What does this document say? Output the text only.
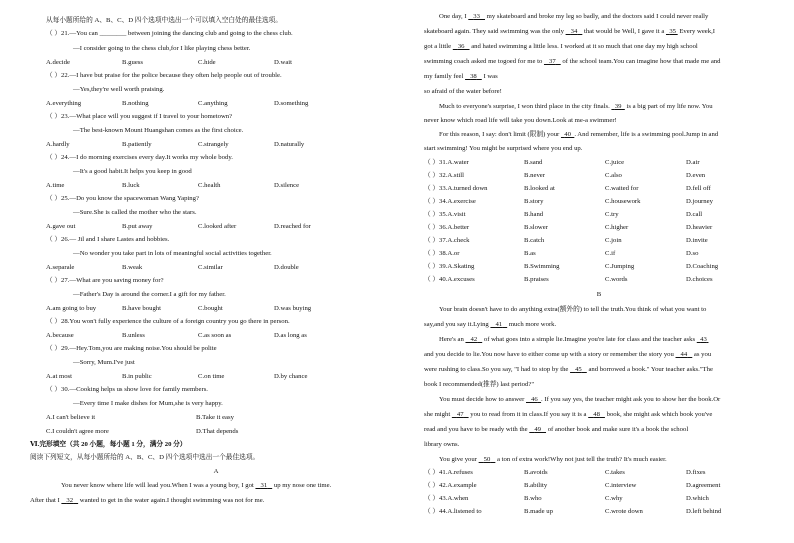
从每小题所给的 A、B、C、D 四个选项中选出一个可以填入空白处的最佳选项。
（ ）21.—You can ________ between joining the dancing club and going to the chess club.
—I consider going to the chess club,for I like playing chess better.
A.decide	B.guess	C.hide	D.wait
（ ）22.—I have but praise for the police because they often help people out of trouble.
—Yes,they're well worth praising.
A.everything	B.nothing	C.anything	D.something
（ ）23.—What place will you suggest if I travel to your hometown?
—The best-known Mount Huangshan comes as the first choice.
A.hardly	B.patiently	C.strangely	D.naturally
（ ）24.—I do morning exercises every day.It works my whole body.
—It's a good habit.It helps you keep in good
A.time	B.luck	C.health	D.silence
（ ）25.—Do you know the spacewoman Wang Yaping?
—Sure.She is called the mother who the stars.
A.gave out	B.put away	C.looked after	D.reached for
（ ）26.— Jil and I share Lastes and hobbies.
—No wonder you take part in lots of meaningful social activities together.
A.separale	B.weak	C.similar	D.double
（ ）27.—What are you saving money for?
—Father's Day is around the corner.I a gift for my father.
A.am going to buy	B.have bought	C.bought	D.was buying
（ ）28.You won't fully experience the culture of a foreign country you go there in person.
A.because	B.unless	C.as soon as	D.as long as
（ ）29.—Hey.Tom,you are making noise.You should be polite
—Sorry, Mum.I've just
A.at most	B.in public	C.on time	D.by chance
（ ）30.—Cooking helps us show love for family members.
—Every time I make dishes for Mum,she is very happy.
A.I can't believe it	B.Take it easy
C.I couldn't agree more	D.That depends
Ⅵ.完形填空（共 20 小题，每小题 1 分，满分 20 分）
阅读下列短文，从每小题所给的 A、B、C、D 四个选项中选出一个最佳选项。
A
You never know where life will lead you.When I was a young boy, I got 31 up my nose one time.
After that I 32 wanted to get in the water again.I thought swimming was not for me.
One day, I 33 my skateboard and broke my leg so badly, and the doctors said I could never really
skateboard again. They said swimming was the only 34 that would be Well, I gave it a 35 Every week,I
got a little 36 and hated swimming a little less. I worked at it so much that one day my high school
swimming coach asked me togoed for me to 37 of the school team.You can imagine how that made me and
my family feel 38 I was
so afraid of the water before!
Much to everyone's surprise, I won third place in the city finals. 39 is a big part of my life now. You
never know which road life will take you down.Look at me-a swimmer!
For this reason, I say: don't limit (限制) your 40 . And remember, life is a swimming pool.Jump in and
start swimming! You might be surprised where you end up.
（ ）31.A.water	B.sand	C.juice	D.air
（ ）32.A.still	B.never	C.also	D.even
（ ）33.A.turned down	B.looked at	C.waited for	D.fell off
（ ）34.A.exercise	B.story	C.housework	D.journey
（ ）35.A.visit	B.hand	C.try	D.call
（ ）36.A.better	B.slower	C.higher	D.heavier
（ ）37.A.check	B.catch	C.join	D.invite
（ ）38.A.or	B.as	C.if	D.so
（ ）39.A.Skating	B.Swimming	C.Jumping	D.Coaching
（ ）40.A.excuses	B.praises	C.words	D.choices
B
Your brain doesn't have to do anything extra(额外的) to tell the truth.You think of what you want to
say,and you say it.Lying 41 much more work.
Here's an 42 of what goes into a simple lie.Imagine you're late for class and the teacher asks 43
and you decide to lie.You now have to either come up with a story or remember the story you 44 as you
were rushing to class.So you say, "I had to stop by the 45 and borrowed a book." Your teacher asks."The
book I recommended(推荐) last period?"
You must decide how to answer 46 . If you say yes, the teacher might ask you to show her the book.Or
she might 47 you to read from it in class.If you say it is a 48 book, she might ask which book you've
read and you have to be ready with the 49 of another book and make sure it's a book the school
library owns.
You give your 50 a ton of extra work!Why not just tell the truth? It's much easier.
（ ）41.A.refuses	B.avoids	C.takes	D.fixes
（ ）42.A.example	B.ability	C.interview	D.agreement
（ ）43.A.when	B.who	C.why	D.which
（ ）44.A.listened to	B.made up	C.wrote down	D.left behind
